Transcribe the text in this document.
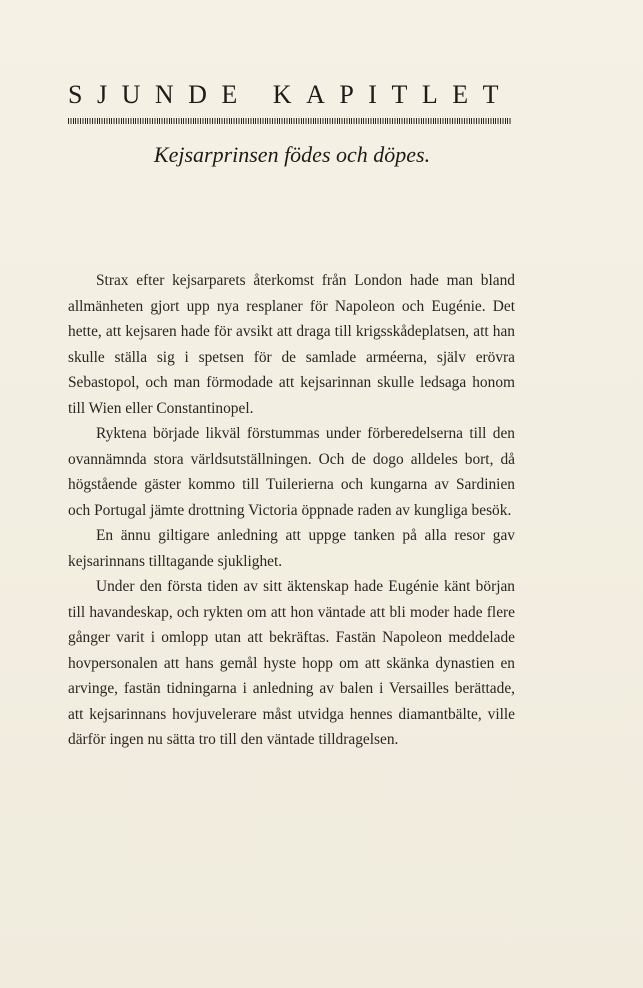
SJUNDE KAPITLET
Kejsarprinsen födes och döpes.

Strax efter kejsarparets återkomst från London hade man bland allmänheten gjort upp nya resplaner för Napoleon och Eugénie. Det hette, att kejsaren hade för avsikt att draga till krigsskådeplatsen, att han skulle ställa sig i spetsen för de samlade arméerna, själv erövra Sebastopol, och man förmodade att kejsarinnan skulle ledsaga honom till Wien eller Constantinopel.

Ryktena började likväl förstummas under förberedelserna till den ovannämnda stora världsutställningen. Och de dogo alldeles bort, då högstående gäster kommo till Tuilerierna och kungarna av Sardinien och Portugal jämte drottning Victoria öppnade raden av kungliga besök.

En ännu giltigare anledning att uppge tanken på alla resor gav kejsarinnans tilltagande sjuklighet.

Under den första tiden av sitt äktenskap hade Eugénie känt början till havandeskap, och rykten om att hon väntade att bli moder hade flere gånger varit i omlopp utan att bekräftas. Fastän Napoleon meddelade hovpersonalen att hans gemål hyste hopp om att skänka dynastien en arvinge, fastän tidningarna i anledning av balen i Versailles berättade, att kejsarinnans hovjuvelerare måst utvidga hennes diamantbälte, ville därför ingen nu sätta tro till den väntade tilldragelsen.
